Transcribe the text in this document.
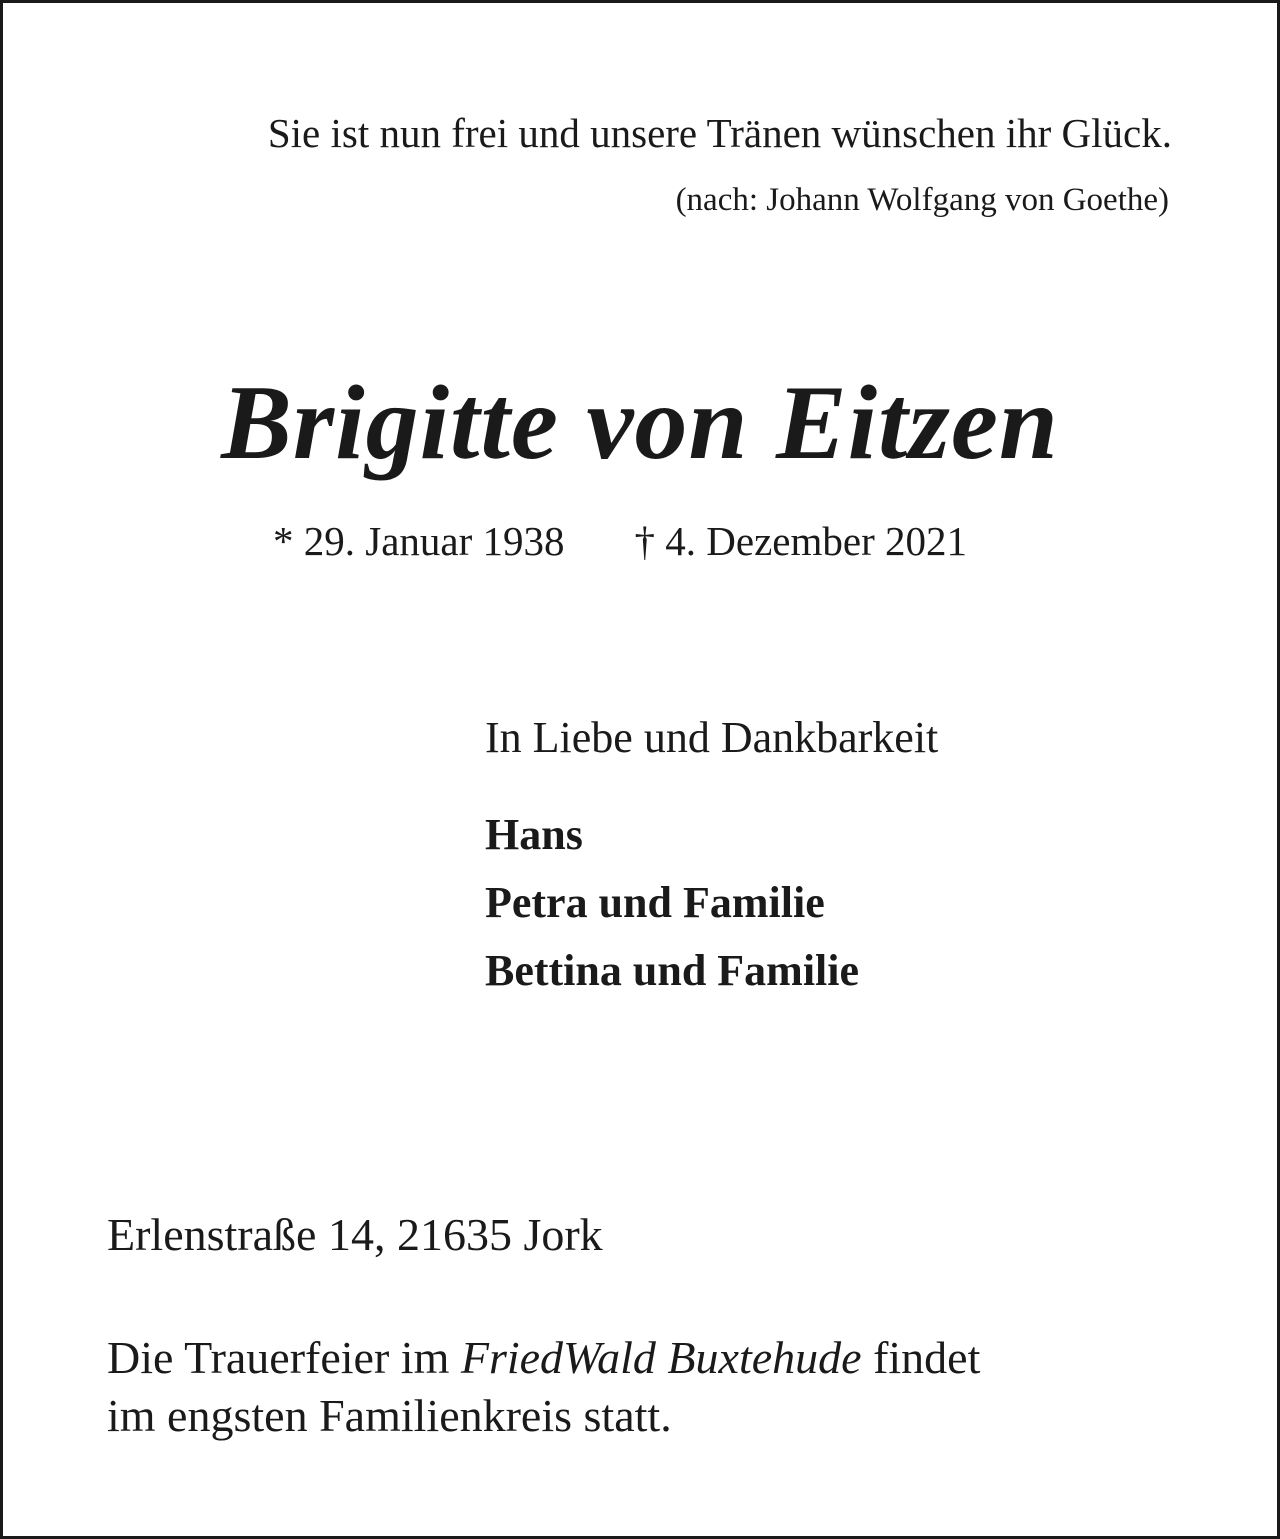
Sie ist nun frei und unsere Tränen wünschen ihr Glück.

(nach: Johann Wolfgang von Goethe)

Brigitte von Eitzen
* 29. Januar 1938 † 4. Dezember 2021

In Liebe und Dankbarkeit

Hans
Petra und Familie
Bettina und Familie

Erlenstraße 14, 21635 Jork

Die Trauerfeier im FriedWald Buxtehude findet
im engsten Familienkreis statt.
